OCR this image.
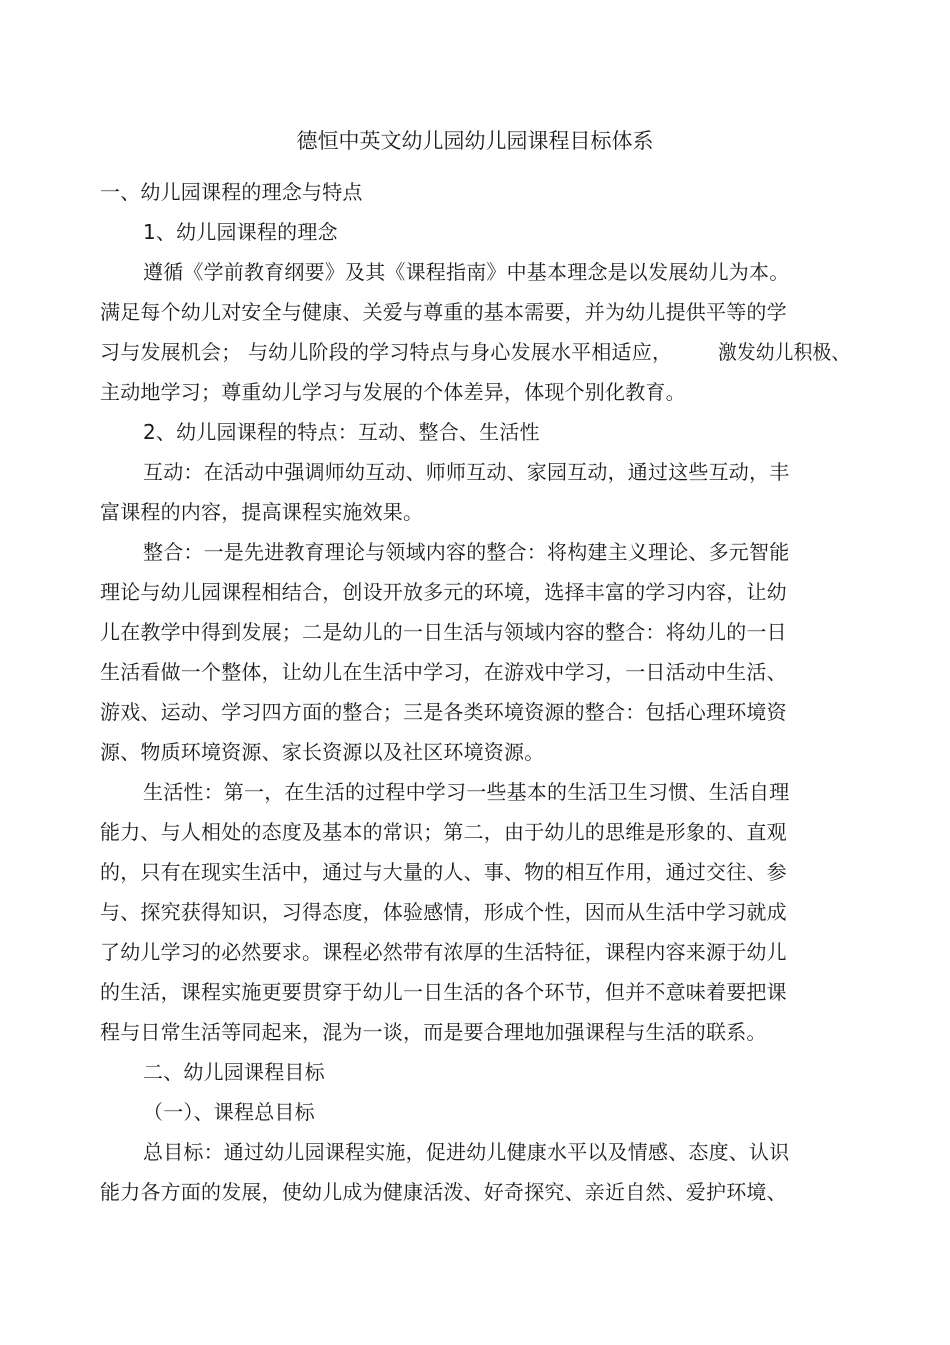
德恒中英文幼儿园幼儿园课程目标体系
一、幼儿园课程的理念与特点
1、幼儿园课程的理念
遵循《学前教育纲要》及其《课程指南》中基本理念是以发展幼儿为本。
满足每个幼儿对安全与健康、关爱与尊重的基本需要，并为幼儿提供平等的学
习与发展机会； 与幼儿阶段的学习特点与身心发展水平相适应， 激发幼儿积极、
主动地学习；尊重幼儿学习与发展的个体差异，体现个别化教育。
2、幼儿园课程的特点：互动、整合、生活性
互动：在活动中强调师幼互动、师师互动、家园互动，通过这些互动，丰
富课程的内容，提高课程实施效果。
整合：一是先进教育理论与领域内容的整合：将构建主义理论、多元智能
理论与幼儿园课程相结合，创设开放多元的环境，选择丰富的学习内容，让幼
儿在教学中得到发展；二是幼儿的一日生活与领域内容的整合：将幼儿的一日
生活看做一个整体，让幼儿在生活中学习，在游戏中学习，一日活动中生活、
游戏、运动、学习四方面的整合；三是各类环境资源的整合：包括心理环境资
源、物质环境资源、家长资源以及社区环境资源。
生活性：第一，在生活的过程中学习一些基本的生活卫生习惯、生活自理
能力、与人相处的态度及基本的常识；第二，由于幼儿的思维是形象的、直观
的，只有在现实生活中，通过与大量的人、事、物的相互作用，通过交往、参
与、探究获得知识，习得态度，体验感情，形成个性，因而从生活中学习就成
了幼儿学习的必然要求。课程必然带有浓厚的生活特征，课程内容来源于幼儿
的生活，课程实施更要贯穿于幼儿一日生活的各个环节，但并不意味着要把课
程与日常生活等同起来，混为一谈，而是要合理地加强课程与生活的联系。
二、幼儿园课程目标
（一）、课程总目标
总目标：通过幼儿园课程实施，促进幼儿健康水平以及情感、态度、认识
能力各方面的发展，使幼儿成为健康活泼、好奇探究、亲近自然、爱护环境、
